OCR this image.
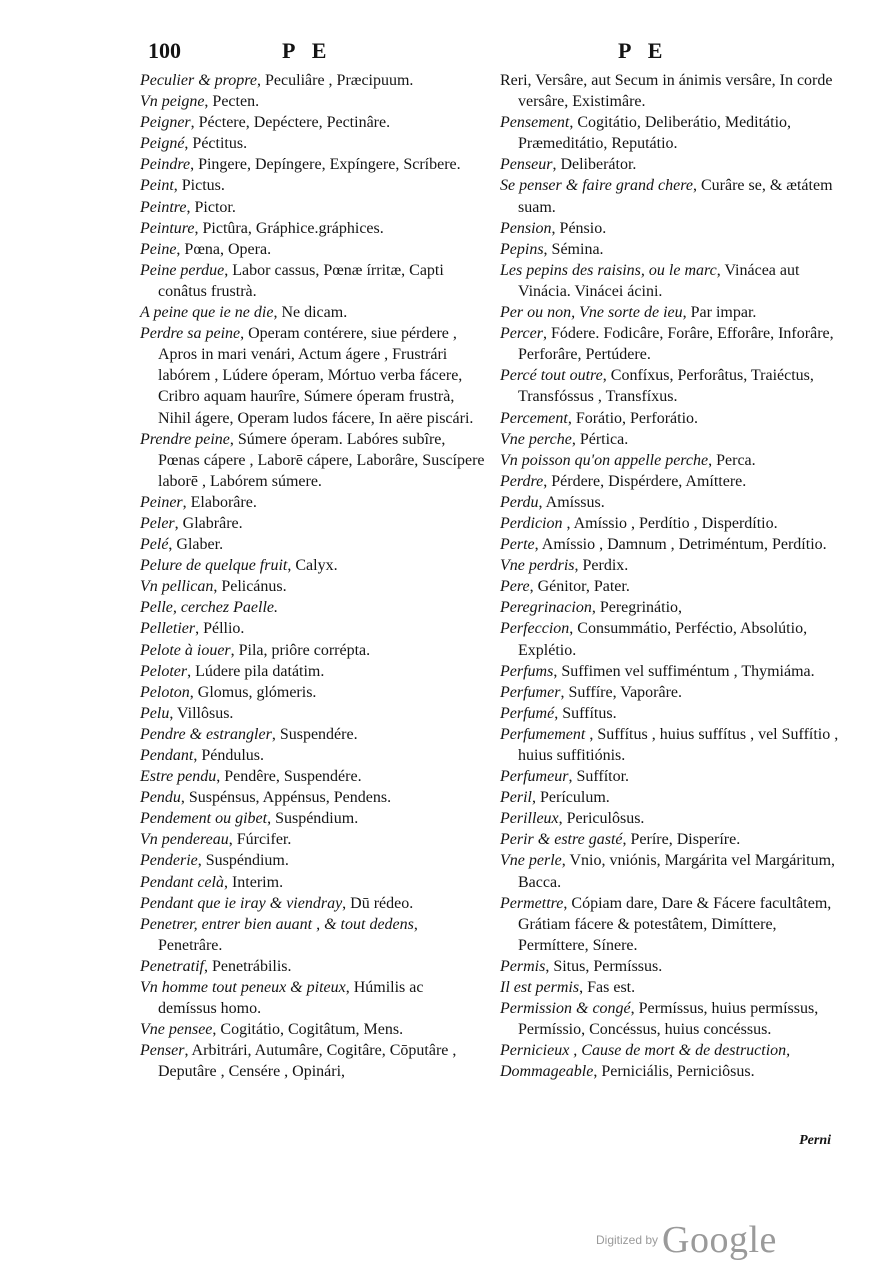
100	P E	P E
Peculier & propre, Peculiâre , Præcipuum.
Vn peigne, Pecten.
Peigner, Péctere, Depéctere, Pectinâre.
Peigné, Péctitus.
Peindre, Pingere, Depíngere, Expíngere, Scríbere.
Peint, Pictus.
Peintre, Pictor.
Peinture, Pictûra, Gráphice.gráphices.
Peine, Pœna, Opera.
Peine perdue, Labor cassus, Pœnæ írritæ, Capti conâtus frustrà.
A peine que ie ne die, Ne dicam.
Perdre sa peine, Operam contérere, siue pérdere , Apros in mari venári, Actum ágere , Frustrári labórem , Lúdere óperam, Mórtuo verba fácere, Cribro aquam haurîre, Súmere óperam frustrà, Nihil ágere, Operam ludos fácere, In aëre piscári.
Prendre peine, Súmere óperam. Labóres subîre, Pœnas cápere , Laborē cápere, Laborâre, Suscípere laborē , Labórem súmere.
Peiner, Elaborâre.
Peler, Glabrâre.
Pelé, Glaber.
Pelure de quelque fruit, Calyx.
Vn pellican, Pelicánus.
Pelle, cerchez Paelle.
Pelletier, Péllio.
Pelote à iouer, Pila, priôre corrépta.
Peloter, Lúdere pila datátim.
Peloton, Glomus, glómeris.
Pelu, Villôsus.
Pendre & estrangler, Suspendére.
Pendant, Péndulus.
Estre pendu, Pendêre, Suspendére.
Pendu, Suspénsus, Appénsus, Pendens.
Pendement ou gibet, Suspéndium.
Vn pendereau, Fúrcifer.
Penderie, Suspéndium.
Pendant celà, Interim.
Pendant que ie iray & viendray, Dū rédeo.
Penetrer, entrer bien auant , & tout dedens, Penetrâre.
Penetratif, Penetrábilis.
Vn homme tout peneux & piteux, Húmilis ac demíssus homo.
Vne pensee, Cogitátio, Cogitâtum, Mens.
Penser, Arbitrári, Autumâre, Cogitâre, Cōputâre , Deputâre , Censére , Opinári,
Reri, Versâre, aut Secum in ánimis versâre, In corde versâre, Existimâre.
Pensement, Cogitátio, Deliberátio, Meditátio, Præmeditátio, Reputátio.
Penseur, Deliberátor.
Se penser & faire grand chere, Curâre se, & ætátem suam.
Pension, Pénsio.
Pepins, Sémina.
Les pepins des raisins, ou le marc, Vinácea aut Vinácia. Vinácei ácini.
Per ou non, Vne sorte de ieu, Par impar.
Percer, Fódere. Fodicâre, Forâre, Efforâre, Inforâre, Perforâre, Pertúdere.
Percé tout outre, Confíxus, Perforâtus, Traiéctus, Transfóssus , Transfíxus.
Percement, Forátio, Perforátio.
Vne perche, Pértica.
Vn poisson qu'on appelle perche, Perca.
Perdre, Pérdere, Dispérdere, Amíttere.
Perdu, Amíssus.
Perdicion , Amíssio , Perdítio , Disperdítio.
Perte, Amíssio , Damnum , Detriméntum, Perdítio.
Vne perdris, Perdix.
Pere, Génitor, Pater.
Peregrinacion, Peregrinátio,
Perfeccion, Consummátio, Perféctio, Absolútio, Explétio.
Perfums, Suffimen vel suffiméntum , Thymiáma.
Perfumer, Suffíre, Vaporâre.
Perfumé, Suffítus.
Perfumement , Suffítus , huius suffítus , vel Suffítio , huius suffitiónis.
Perfumeur, Suffítor.
Peril, Perículum.
Perilleux, Periculôsus.
Perir & estre gasté, Períre, Disperíre.
Vne perle, Vnio, vniónis, Margárita vel Margáritum, Bacca.
Permettre, Cópiam dare, Dare & Fácere facultâtem, Grátiam fácere & potestâtem, Dimíttere, Permíttere, Sínere.
Permis, Situs, Permíssus.
Il est permis, Fas est.
Permission & congé, Permíssus, huius permíssus, Permíssio, Concéssus, huius concéssus.
Pernicieux , Cause de mort & de destruction,
Dommageable, Perniciális, Perniciôsus.
Perni
Digitized by Google
